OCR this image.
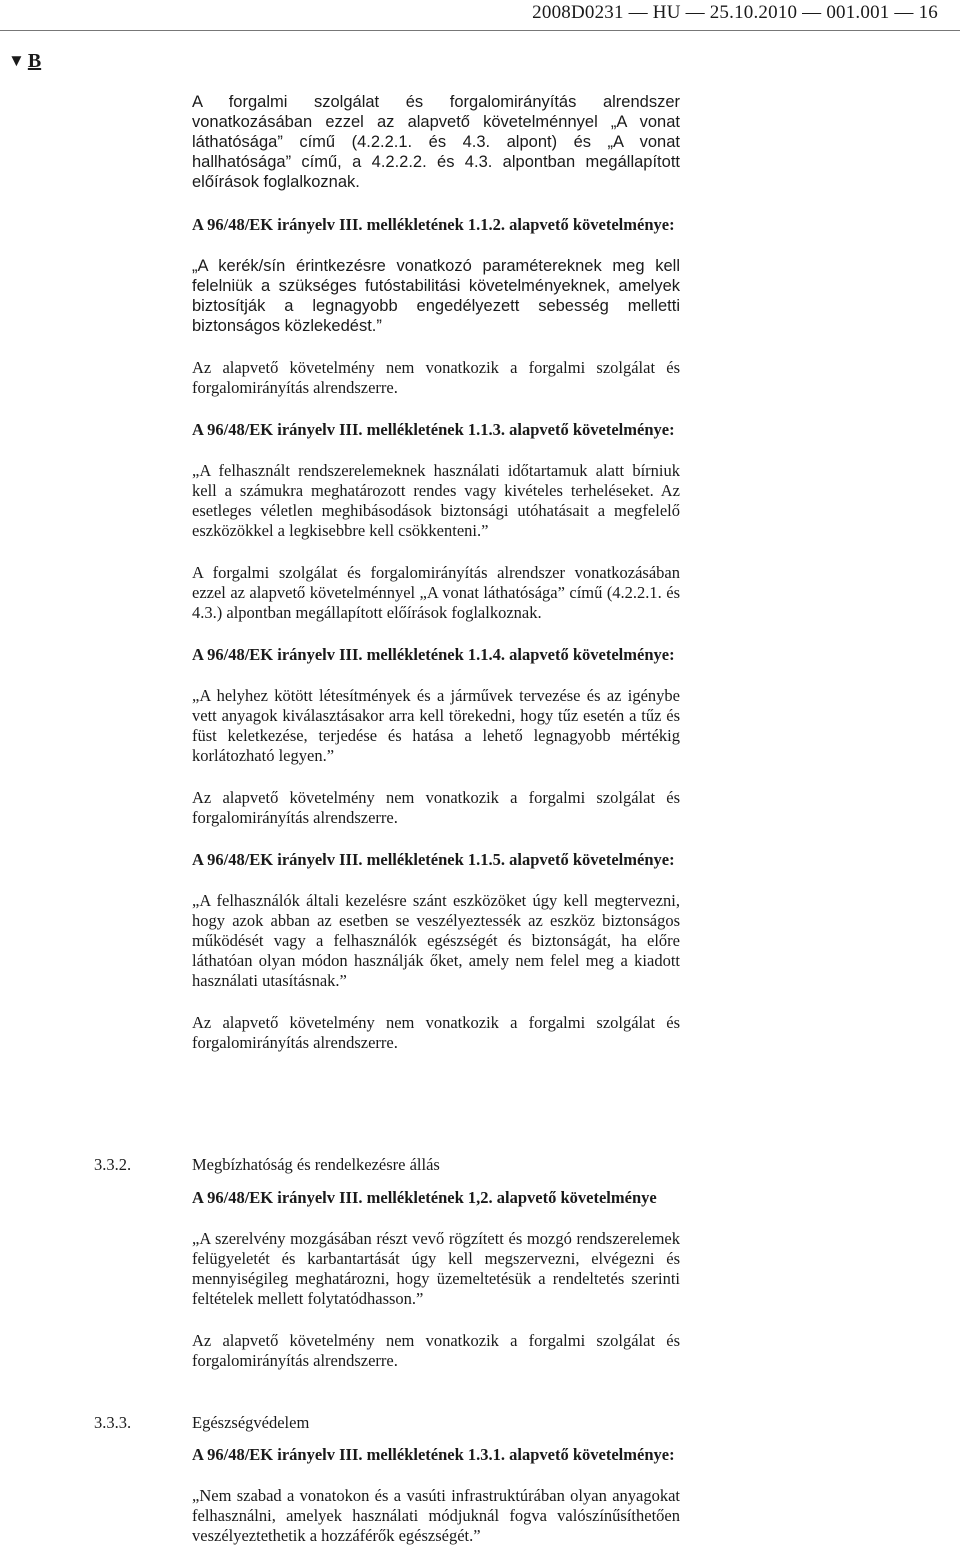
2008D0231 — HU — 25.10.2010 — 001.001 — 16
▼ B

A forgalmi szolgálat és forgalomirányítás alrendszer vonatkozásában ezzel az alapvető követelménnyel „A vonat láthatósága” című (4.2.2.1. és 4.3. alpont) és „A vonat hallhatósága” című, a 4.2.2.2. és 4.3. alpontban megállapított előírások foglalkoznak.

A 96/48/EK irányelv III. mellékletének 1.1.2. alapvető követelménye:

„A kerék/sín érintkezésre vonatkozó paramétereknek meg kell felelniük a szükséges futóstabilitási követelményeknek, amelyek biztosítják a legnagyobb engedélyezett sebesség melletti biztonságos közlekedést.”

Az alapvető követelmény nem vonatkozik a forgalmi szolgálat és forgalomirányítás alrendszerre.

A 96/48/EK irányelv III. mellékletének 1.1.3. alapvető követelménye:

„A felhasznált rendszerelemeknek használati időtartamuk alatt bírniuk kell a számukra meghatározott rendes vagy kivételes terheléseket. Az esetleges véletlen meghibásodások biztonsági utóhatásait a megfelelő eszközökkel a legkisebbre kell csökkenteni.”

A forgalmi szolgálat és forgalomirányítás alrendszer vonatkozásában ezzel az alapvető követelménnyel „A vonat láthatósága” című (4.2.2.1. és 4.3.) alpontban megállapított előírások foglalkoznak.

A 96/48/EK irányelv III. mellékletének 1.1.4. alapvető követelménye:

„A helyhez kötött létesítmények és a járművek tervezése és az igénybe vett anyagok kiválasztásakor arra kell törekedni, hogy tűz esetén a tűz és füst keletkezése, terjedése és hatása a lehető legnagyobb mértékig korlátozható legyen.”

Az alapvető követelmény nem vonatkozik a forgalmi szolgálat és forgalomirányítás alrendszerre.

A 96/48/EK irányelv III. mellékletének 1.1.5. alapvető követelménye:

„A felhasználók általi kezelésre szánt eszközöket úgy kell megtervezni, hogy azok abban az esetben se veszélyeztessék az eszköz biztonságos működését vagy a felhasználók egészségét és biztonságát, ha előre láthatóan olyan módon használják őket, amely nem felel meg a kiadott használati utasításnak.”

Az alapvető követelmény nem vonatkozik a forgalmi szolgálat és forgalomirányítás alrendszerre.

3.3.2.	Megbízhatóság és rendelkezésre állás

A 96/48/EK irányelv III. mellékletének 1,2. alapvető követelménye

„A szerelvény mozgásában részt vevő rögzített és mozgó rendszerelemek felügyeletét és karbantartását úgy kell megszervezni, elvégezni és mennyiségileg meghatározni, hogy üzemeltetésük a rendeltetés szerinti feltételek mellett folytatódhasson.”

Az alapvető követelmény nem vonatkozik a forgalmi szolgálat és forgalomirányítás alrendszerre.

3.3.3.	Egészségvédelem

A 96/48/EK irányelv III. mellékletének 1.3.1. alapvető követelménye:

„Nem szabad a vonatokon és a vasúti infrastruktúrában olyan anyagokat felhasználni, amelyek használati módjuknál fogva valószínűsíthetően veszélyeztethetik a hozzáférők egészségét.”
